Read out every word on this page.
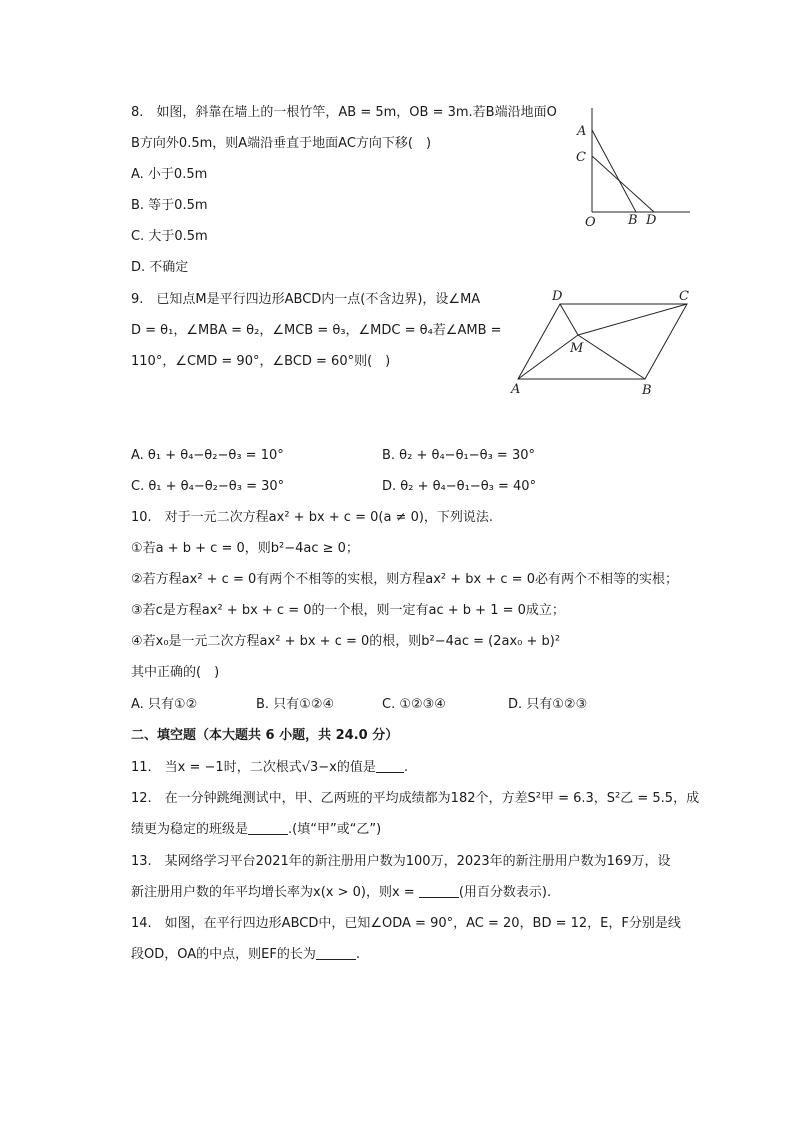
8.　如图，斜靠在墙上的一根竹竿，AB = 5m，OB = 3m.若B端沿地面O
B方向外0.5m，则A端沿垂直于地面AC方向下移(　)
A. 小于0.5m
B. 等于0.5m
C. 大于0.5m
D. 不确定
A
C
O B D
9.　已知点M是平行四边形ABCD内一点(不含边界)，设∠MA
D = θ₁，∠MBA = θ₂，∠MCB = θ₃，∠MDC = θ₄若∠AMB =
110°，∠CMD = 90°，∠BCD = 60°则(　)
D	C
M
A	B
A. θ₁ + θ₄−θ₂−θ₃ = 10°	B. θ₂ + θ₄−θ₁−θ₃ = 30°
C. θ₁ + θ₄−θ₂−θ₃ = 30°	D. θ₂ + θ₄−θ₁−θ₃ = 40°
10.　对于一元二次方程ax² + bx + c = 0(a ≠ 0)，下列说法.
①若a + b + c = 0，则b²−4ac ≥ 0；
②若方程ax² + c = 0有两个不相等的实根，则方程ax² + bx + c = 0必有两个不相等的实根；
③若c是方程ax² + bx + c = 0的一个根，则一定有ac + b + 1 = 0成立；
④若x₀是一元二次方程ax² + bx + c = 0的根，则b²−4ac = (2ax₀ + b)²
其中正确的(　)
A. 只有①②	B. 只有①②④	C. ①②③④	D. 只有①②③
二、填空题（本大题共 6 小题，共 24.0 分）
11.　当x = −1时，二次根式√3−x的值是 .
12.　在一分钟跳绳测试中，甲、乙两班的平均成绩都为182个，方差S²甲 = 6.3，S²乙 = 5.5，成
绩更为稳定的班级是	.(填“甲”或“乙”)
13.　某网络学习平台2021年的新注册用户数为100万，2023年的新注册用户数为169万，设
新注册用户数的年平均增长率为x(x > 0)，则x =	(用百分数表示).
14.　如图，在平行四边形ABCD中，已知∠ODA = 90°，AC = 20，BD = 12，E，F分别是线
段OD，OA的中点，则EF的长为	.
